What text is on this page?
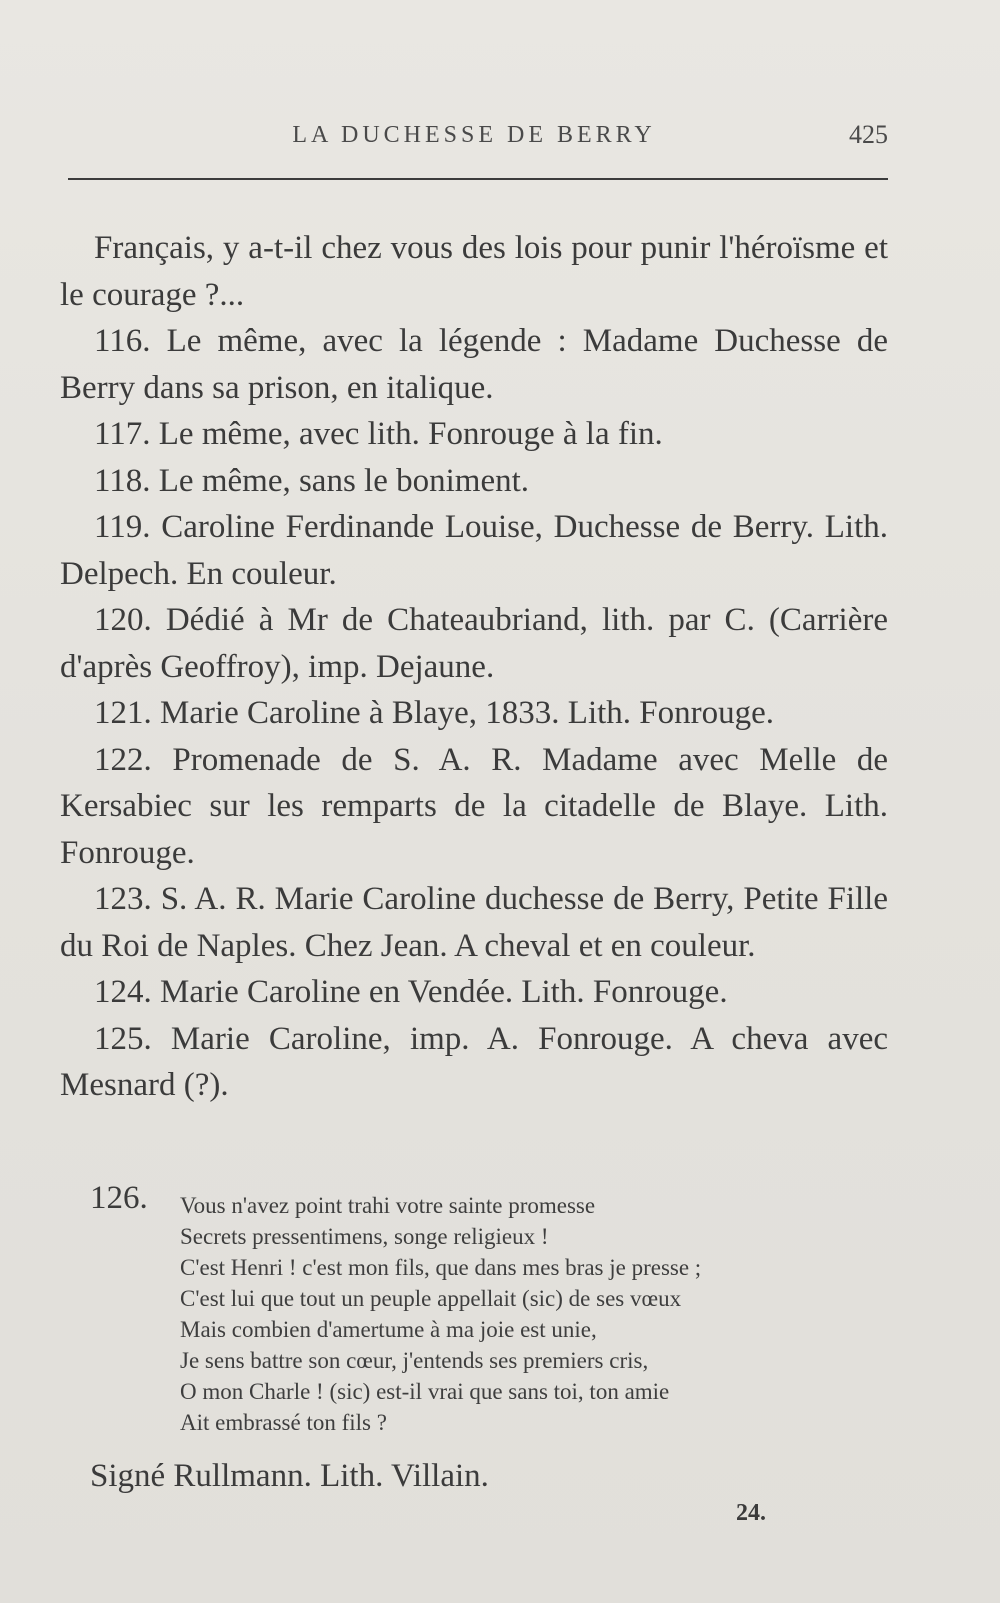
LA DUCHESSE DE BERRY	425

Français, y a-t-il chez vous des lois pour punir l'héroïsme et le courage ?...

116. Le même, avec la légende : Madame Duchesse de Berry dans sa prison, en italique.

117. Le même, avec lith. Fonrouge à la fin.

118. Le même, sans le boniment.

119. Caroline Ferdinande Louise, Duchesse de Berry. Lith. Delpech. En couleur.

120. Dédié à Mr de Chateaubriand, lith. par C. (Carrière d'après Geoffroy), imp. Dejaune.

121. Marie Caroline à Blaye, 1833. Lith. Fonrouge.

122. Promenade de S. A. R. Madame avec Melle de Kersabiec sur les remparts de la citadelle de Blaye. Lith. Fonrouge.

123. S. A. R. Marie Caroline duchesse de Berry, Petite Fille du Roi de Naples. Chez Jean. A cheval et en couleur.

124. Marie Caroline en Vendée. Lith. Fonrouge.

125. Marie Caroline, imp. A. Fonrouge. A cheva avec Mesnard (?).

126. Vous n'avez point trahi votre sainte promesse
Secrets pressentimens, songe religieux !
C'est Henri ! c'est mon fils, que dans mes bras je presse ;
C'est lui que tout un peuple appellait (sic) de ses vœux
Mais combien d'amertume à ma joie est unie,
Je sens battre son cœur, j'entends ses premiers cris,
O mon Charle ! (sic) est-il vrai que sans toi, ton amie
Ait embrassé ton fils ?
Signé Rullmann. Lith. Villain.
24.
